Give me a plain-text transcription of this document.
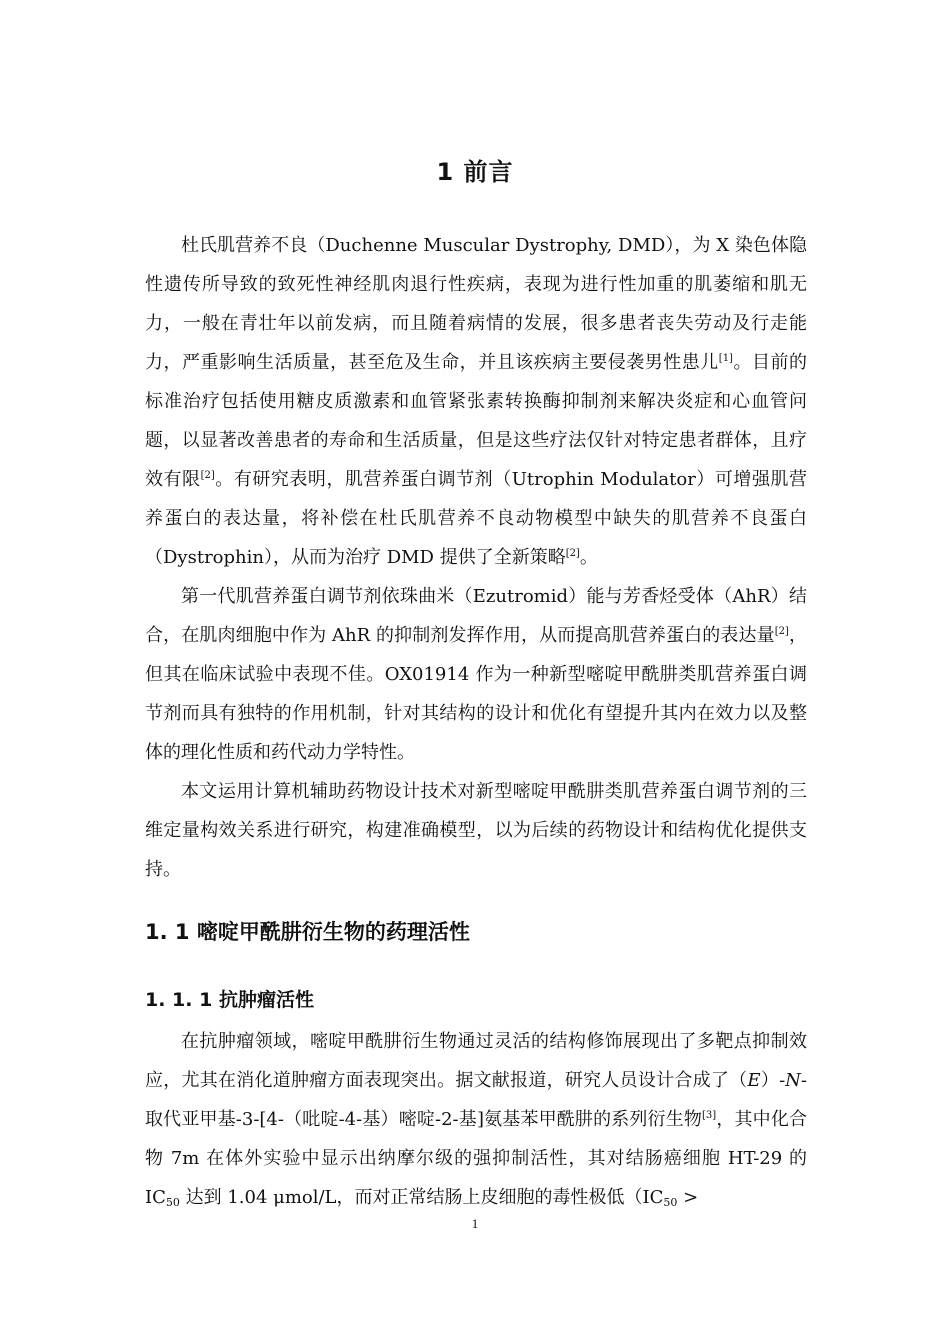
1 前言

杜氏肌营养不良（Duchenne Muscular Dystrophy, DMD），为 X 染色体隐性遗传所导致的致死性神经肌肉退行性疾病，表现为进行性加重的肌萎缩和肌无力，一般在青壮年以前发病，而且随着病情的发展，很多患者丧失劳动及行走能力，严重影响生活质量，甚至危及生命，并且该疾病主要侵袭男性患儿[1]。目前的标准治疗包括使用糖皮质激素和血管紧张素转换酶抑制剂来解决炎症和心血管问题，以显著改善患者的寿命和生活质量，但是这些疗法仅针对特定患者群体，且疗效有限[2]。有研究表明，肌营养蛋白调节剂（Utrophin Modulator）可增强肌营养蛋白的表达量，将补偿在杜氏肌营养不良动物模型中缺失的肌营养不良蛋白（Dystrophin），从而为治疗 DMD 提供了全新策略[2]。

第一代肌营养蛋白调节剂依珠曲米（Ezutromid）能与芳香烃受体（AhR）结合，在肌肉细胞中作为 AhR 的抑制剂发挥作用，从而提高肌营养蛋白的表达量[2]，但其在临床试验中表现不佳。OX01914 作为一种新型嘧啶甲酰肼类肌营养蛋白调节剂而具有独特的作用机制，针对其结构的设计和优化有望提升其内在效力以及整体的理化性质和药代动力学特性。

本文运用计算机辅助药物设计技术对新型嘧啶甲酰肼类肌营养蛋白调节剂的三维定量构效关系进行研究，构建准确模型，以为后续的药物设计和结构优化提供支持。

1. 1 嘧啶甲酰肼衍生物的药理活性
1. 1. 1 抗肿瘤活性

在抗肿瘤领域，嘧啶甲酰肼衍生物通过灵活的结构修饰展现出了多靶点抑制效应，尤其在消化道肿瘤方面表现突出。据文献报道，研究人员设计合成了（E）-N-取代亚甲基-3-[4-（吡啶-4-基）嘧啶-2-基]氨基苯甲酰肼的系列衍生物[3]，其中化合物 7m 在体外实验中显示出纳摩尔级的强抑制活性，其对结肠癌细胞 HT-29 的 $IC_{50}$ 达到 1.04 μmol/L，而对正常结肠上皮细胞的毒性极低（$IC_{50}$ >

1
